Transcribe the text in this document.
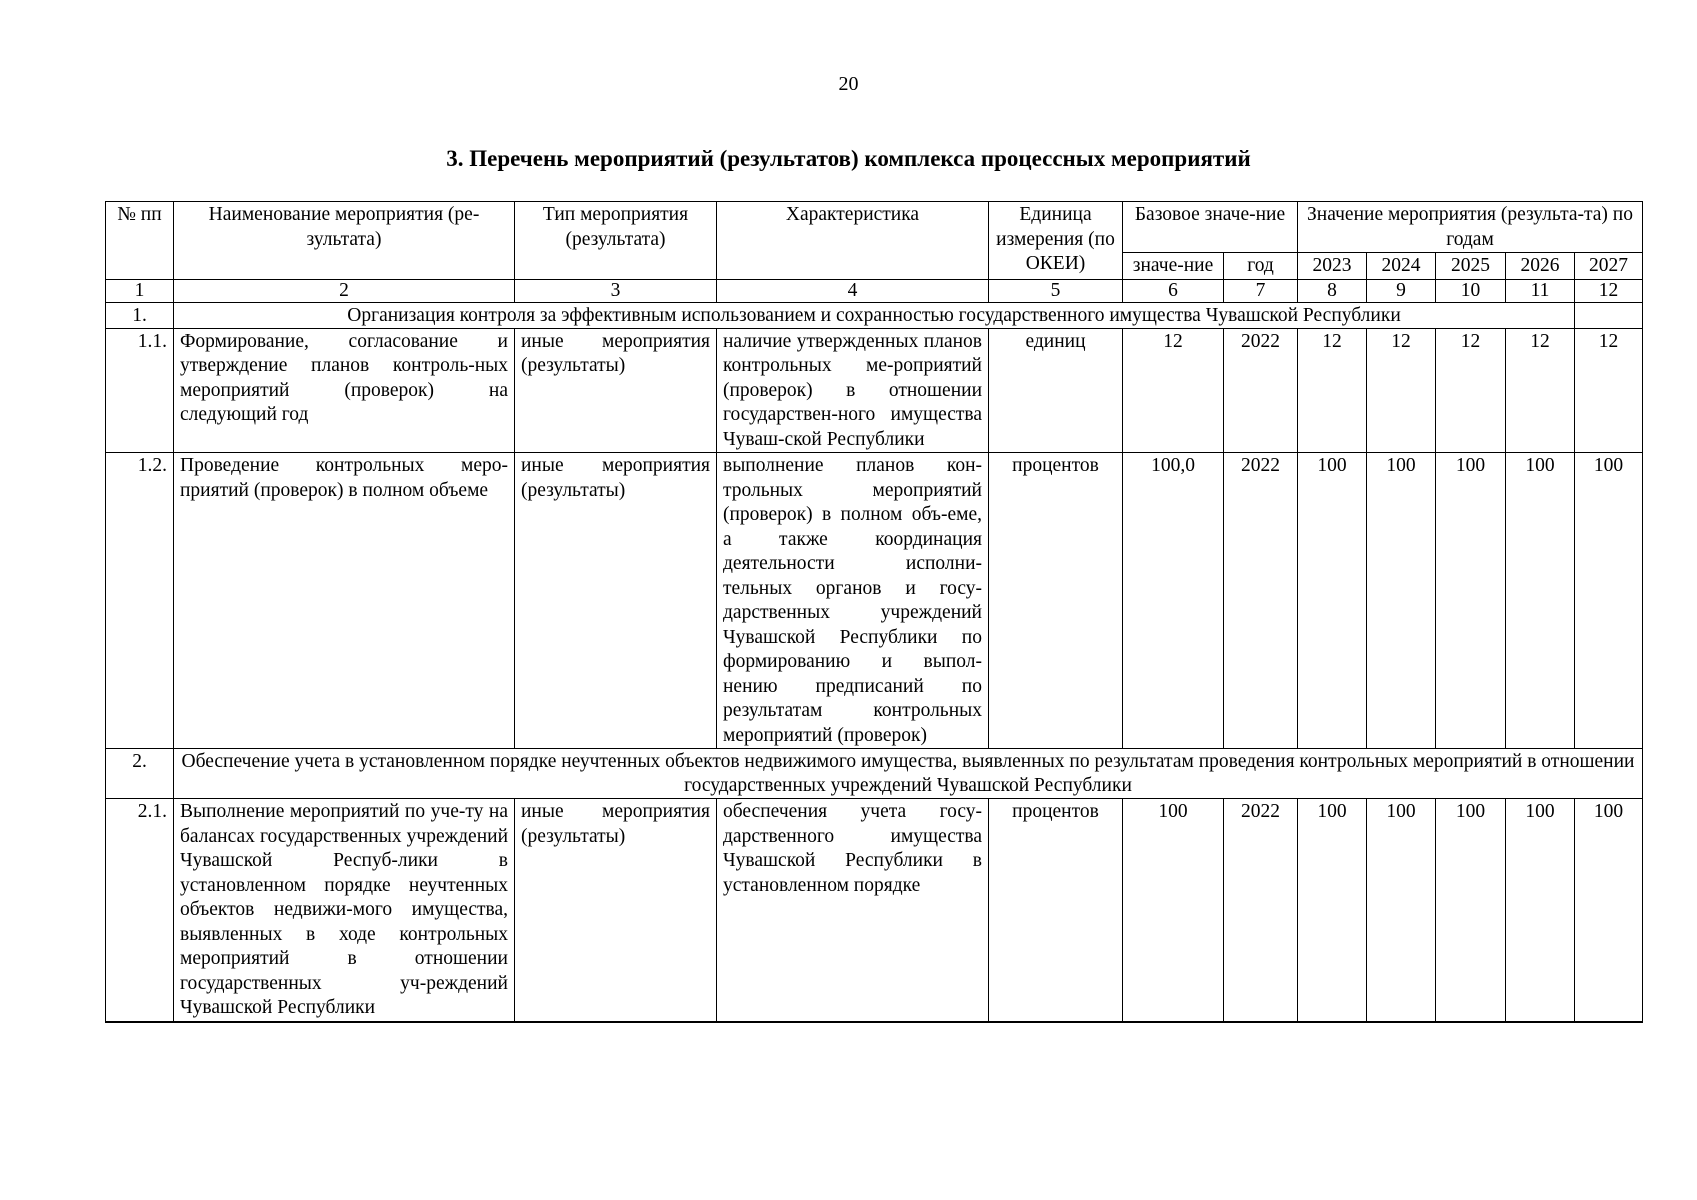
20
3. Перечень мероприятий (результатов) комплекса процессных мероприятий
№ пп	Наименование мероприятия (ре-зультата)	Тип мероприятия (результата)	Характеристика	Единица измерения (по ОКЕИ)	Базовое значе-ние		Значение мероприятия (результа-та) по годам				
					значе-ние	год	2023	2024	2025	2026	2027
1	2	3	4	5	6	7	8	9	10	11	12
1.	Организация контроля за эффективным использованием и сохранностью государственного имущества Чувашской Республики										
1.1.	Формирование, согласование и утверждение планов контроль-ных мероприятий (проверок) на следующий год	иные мероприятия (результаты)	наличие утвержденных планов контрольных ме-роприятий (проверок) в отношении государствен-ного имущества Чуваш-ской Республики	единиц	12	2022	12	12	12	12	12
1.2.	Проведение контрольных меро-приятий (проверок) в полном объеме	иные мероприятия (результаты)	выполнение планов кон-трольных мероприятий (проверок) в полном объ-еме, а также координация деятельности исполни-тельных органов и госу-дарственных учреждений Чувашской Республики по формированию и выпол-нению предписаний по результатам контрольных мероприятий (проверок)	процентов	100,0	2022	100	100	100	100	100
2.	Обеспечение учета в установленном порядке неучтенных объектов недвижимого имущества, выявленных по результатам проведения контрольных мероприятий в отношении государственных учреждений Чувашской Республики										
2.1.	Выполнение мероприятий по уче-ту на балансах государственных учреждений Чувашской Респуб-лики в установленном порядке неучтенных объектов недвижи-мого имущества, выявленных в ходе контрольных мероприятий в отношении государственных уч-реждений Чувашской Республики	иные мероприятия (результаты)	обеспечения учета госу-дарственного имущества Чувашской Республики в установленном порядке	процентов	100	2022	100	100	100	100	100
